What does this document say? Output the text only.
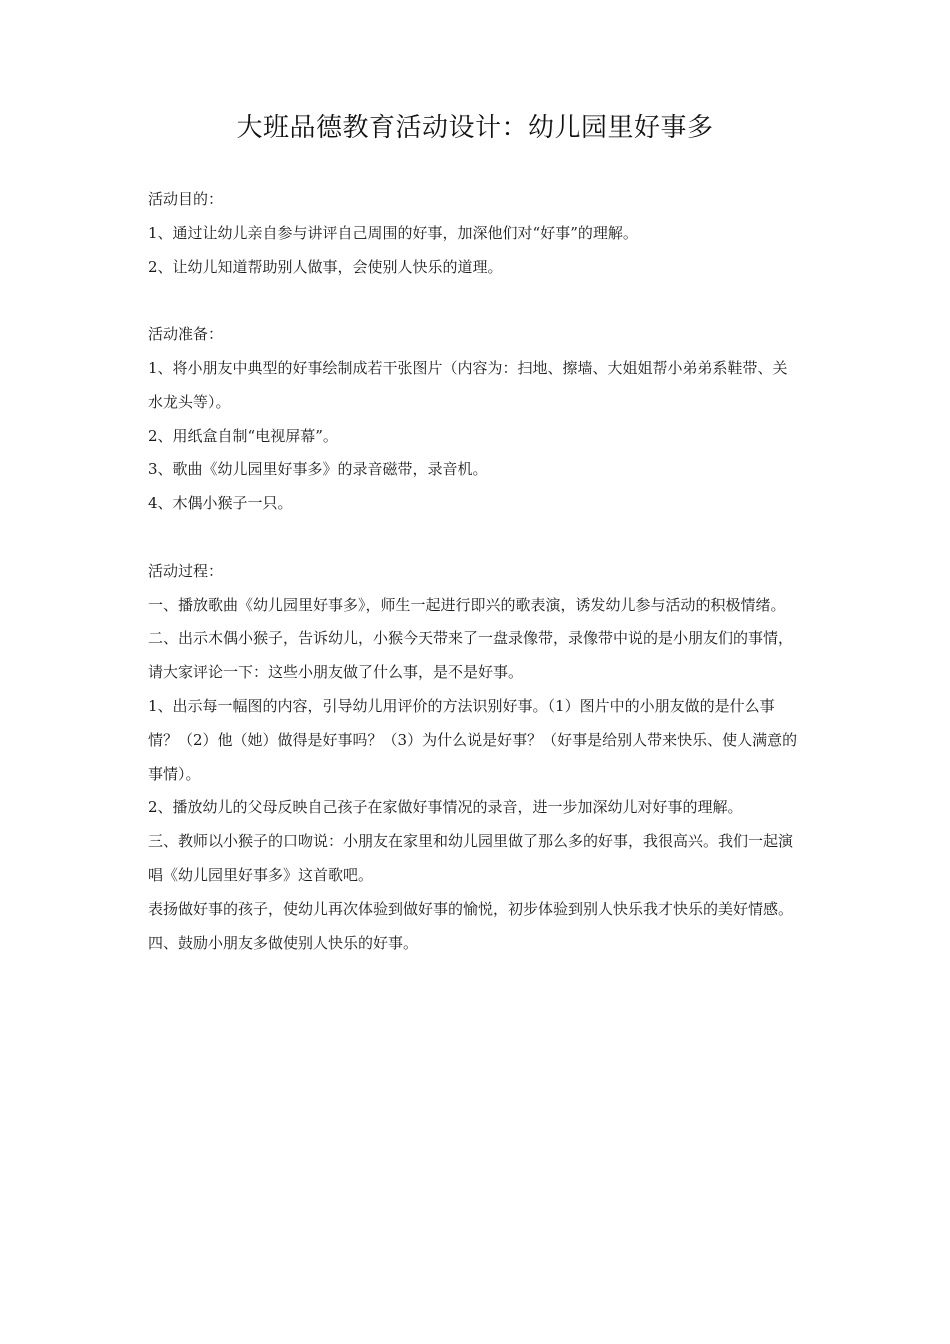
大班品德教育活动设计：幼儿园里好事多

活动目的：

1、通过让幼儿亲自参与讲评自己周围的好事，加深他们对“好事”的理解。

2、让幼儿知道帮助别人做事，会使别人快乐的道理。

活动准备：

1、将小朋友中典型的好事绘制成若干张图片（内容为：扫地、擦墙、大姐姐帮小弟弟系鞋带、关水龙头等）。

2、用纸盒自制“电视屏幕”。

3、歌曲《幼儿园里好事多》的录音磁带，录音机。

4、木偶小猴子一只。

活动过程：

一、播放歌曲《幼儿园里好事多》，师生一起进行即兴的歌表演，诱发幼儿参与活动的积极情绪。

二、出示木偶小猴子，告诉幼儿，小猴今天带来了一盘录像带，录像带中说的是小朋友们的事情，请大家评论一下：这些小朋友做了什么事，是不是好事。

1、出示每一幅图的内容，引导幼儿用评价的方法识别好事。（1）图片中的小朋友做的是什么事情？（2）他（她）做得是好事吗？（3）为什么说是好事？（好事是给别人带来快乐、使人满意的事情）。

2、播放幼儿的父母反映自己孩子在家做好事情况的录音，进一步加深幼儿对好事的理解。

三、教师以小猴子的口吻说：小朋友在家里和幼儿园里做了那么多的好事，我很高兴。我们一起演唱《幼儿园里好事多》这首歌吧。

表扬做好事的孩子，使幼儿再次体验到做好事的愉悦，初步体验到别人快乐我才快乐的美好情感。

四、鼓励小朋友多做使别人快乐的好事。
